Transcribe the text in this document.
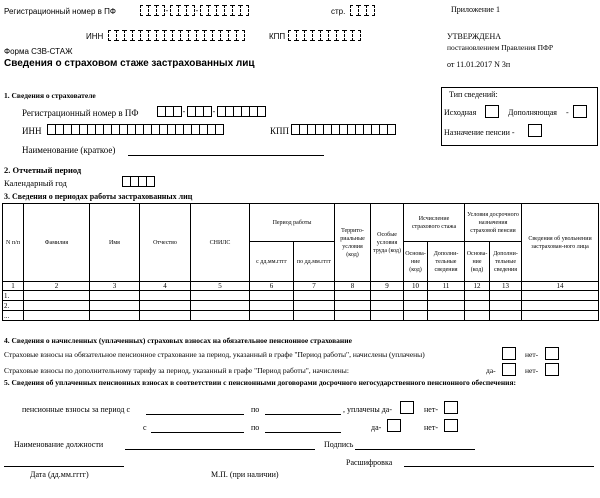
Регистрационный номер в ПФ	-	-	стр.
ИНН	КПП
Приложение 1
УТВЕРЖДЕНА
постановлением Правления ПФР
от 11.01.2017 N 3п
Форма СЗВ-СТАЖ
Сведения о страховом стаже застрахованных лиц
1. Сведения о страхователе
Регистрационный номер в ПФ	-	-
ИНН	КПП
Наименование (краткое)
Тип сведений:
Исходная	Дополняющая -
Назначение пенсии -
2. Отчетный период
Календарный год
3. Сведения о периодах работы застрахованных лиц
N п/п	Фамилия	Имя	Отчество	СНИЛС	Период работы		Террито-риальные условия (код)	Особые условия труда (код)	Исчисление страхового стажа		Условия досрочного назначения страховой пенсии		Сведения об увольнении застрахован-ного лица
					с дд.мм.гггг	по дд.мм.гггг			Основа-ние (код)	Дополни-тельные сведения	Основа-ние (код)	Дополни-тельные сведения	
1	2	3	4	5	6	7	8	9	10	11	12	13	14
1.													
2.													
...													
4. Сведения о начисленных (уплаченных) страховых взносах на обязательное пенсионное страхование
Страховые взносы на обязательное пенсионное страхование за период, указанный в графе "Период работы", начислены (уплачены)	нет-
Страховые взносы по дополнительному тарифу за период, указанный в графе "Период работы", начислены:	да-	нет-
5. Сведения об уплаченных пенсионных взносах в соответствии с пенсионными договорами досрочного негосударственного пенсионного обеспечения:
пенсионные взносы за период с	по	, уплачены да-	нет-
с	по	да-	нет-
Наименование должности	Подпись
Расшифровка
Дата (дд.мм.гггг)	М.П. (при наличии)
